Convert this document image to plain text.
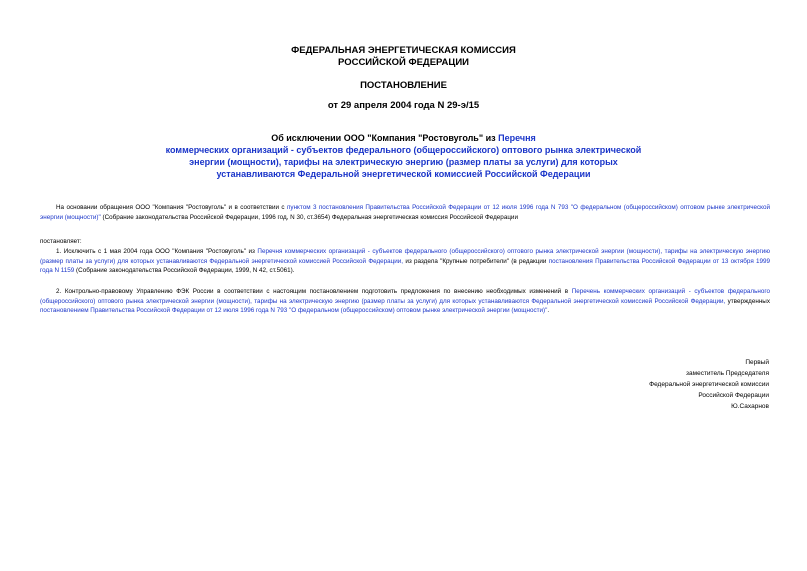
ФЕДЕРАЛЬНАЯ ЭНЕРГЕТИЧЕСКАЯ КОМИССИЯ
РОССИЙСКОЙ ФЕДЕРАЦИИ
ПОСТАНОВЛЕНИЕ
от 29 апреля 2004 года N 29-э/15
Об исключении ООО "Компания "Ростовуголь" из Перечня
коммерческих организаций - субъектов федерального (общероссийского) оптового рынка электрической энергии (мощности), тарифы на электрическую энергию (размер платы за услуги) для которых устанавливаются Федеральной энергетической комиссией Российской Федерации
На основании обращения ООО "Компания "Ростовуголь" и в соответствии с пунктом 3 постановления Правительства Российской Федерации от 12 июля 1996 года N 793 "О федеральном (общероссийском) оптовом рынке электрической энергии (мощности)" (Собрание законодательства Российской Федерации, 1996 год, N 30, ст.3654) Федеральная энергетическая комиссия Российской Федерации
постановляет:
1. Исключить с 1 мая 2004 года ООО "Компания "Ростовуголь" из Перечня коммерческих организаций - субъектов федерального (общероссийского) оптового рынка электрической энергии (мощности), тарифы на электрическую энергию (размер платы за услуги) для которых устанавливаются Федеральной энергетической комиссией Российской Федерации, из раздела "Крупные потребители" (в редакции постановления Правительства Российской Федерации от 13 октября 1999 года N 1159 (Собрание законодательства Российской Федерации, 1999, N 42, ст.5061).
2. Контрольно-правовому Управлению ФЭК России в соответствии с настоящим постановлением подготовить предложения по внесению необходимых изменений в Перечень коммерческих организаций - субъектов федерального (общероссийского) оптового рынка электрической энергии (мощности), тарифы на электрическую энергию (размер платы за услуги) для которых устанавливаются Федеральной энергетической комиссией Российской Федерации, утвержденных постановлением Правительства Российской Федерации от 12 июля 1996 года N 793 "О федеральном (общероссийском) оптовом рынке электрической энергии (мощности)".
Первый
заместитель Председателя
Федеральной энергетической комиссии
Российской Федерации
Ю.Сахарнов
